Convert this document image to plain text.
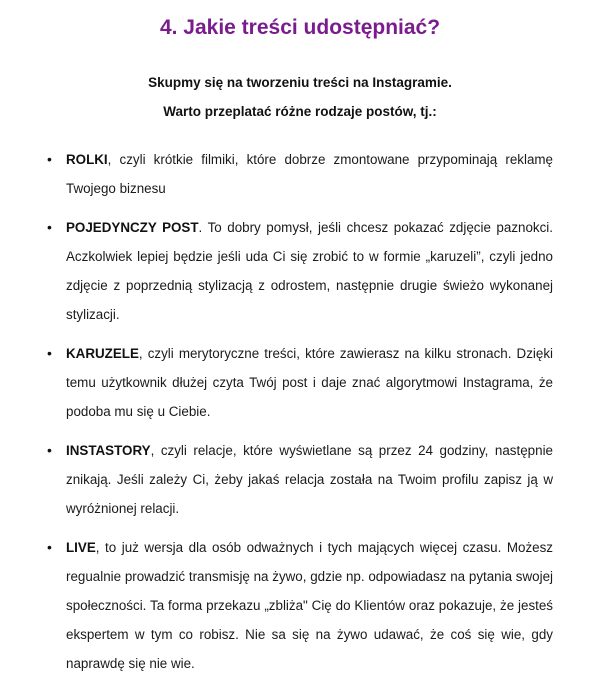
4. Jakie treści udostępniać?
Skupmy się na tworzeniu treści na Instagramie.
Warto przeplatać różne rodzaje postów, tj.:
• ROLKI, czyli krótkie filmiki, które dobrze zmontowane przypominają reklamę Twojego biznesu
• POJEDYNCZY POST. To dobry pomysł, jeśli chcesz pokazać zdjęcie paznokci. Aczkolwiek lepiej będzie jeśli uda Ci się zrobić to w formie „karuzeli”, czyli jedno zdjęcie z poprzednią stylizacją z odrostem, następnie drugie świeżo wykonanej stylizacji.
• KARUZELE, czyli merytoryczne treści, które zawierasz na kilku stronach. Dzięki temu użytkownik dłużej czyta Twój post i daje znać algorytmowi Instagrama, że podoba mu się u Ciebie.
• INSTASTORY, czyli relacje, które wyświetlane są przez 24 godziny, następnie znikają. Jeśli zależy Ci, żeby jakaś relacja została na Twoim profilu zapisz ją w wyróżnionej relacji.
• LIVE, to już wersja dla osób odważnych i tych mających więcej czasu. Możesz regualnie prowadzić transmisję na żywo, gdzie np. odpowiadasz na pytania swojej społeczności. Ta forma przekazu „zbliża" Cię do Klientów oraz pokazuje, że jesteś ekspertem w tym co robisz. Nie sa się na żywo udawać, że coś się wie, gdy naprawdę się nie wie.
